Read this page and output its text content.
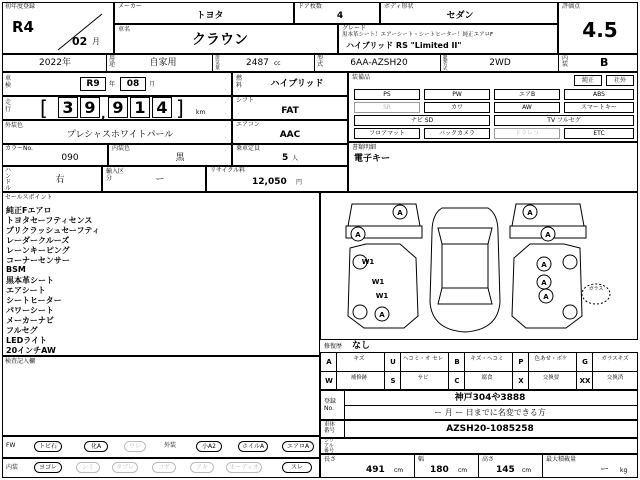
初年度登録
R4
02 月
メーカー
トヨタ
ドア枚数
4
ボディ形状
セダン
評価点
4.5
車名
クラウン
グレード
黒本革シート！エアーシート・シートヒーター！純正エアロF
ハイブリッド RS "Limited II"
2022年	用途	自家用	排気量	2487 cc
型式	6AA-AZSH20
駆動方式
2WD	内装	B
車検	R9	年	08	月
燃料	ハイブリッド
走行 [ 3 9 , 9 1 4 ] km
シフト
FAT
外装色
プレシャスホワイトパール
エアコン
AAC
カラーNo.
090
内装色
黒
乗車定員
5 人
ハンドル
右
輸入区分	ー
リサイクル料
12,050 円
装備品	純正	社外
PS	PW	エアB	ABS
SR	カワ	AW	スマートキー
ナビ SD	TV フルセグ
フロアマット	バックカメラ	ドラレコ	ETC
書類明細
電子キー
セールスポイント
純正Fエアロ
トヨタセーフティセンス
プリクラッシュセーフティ
レーダークルーズ
レーンキーピング
コーナーセンサー
BSM
黒本革シート
エアシート
シートヒーター
パワーシート
メーカーナビ
フルセグ
LEDライト
20インチAW
検査記入欄
A
A
A
A
A
A
A
A
W1
W1
W1
ガラス
修復歴 なし
A	キズ	U	ヘコミ・オ セレ	B	キズ・ヘコミ	P	色あせ・ボケ	G	ガラスキズ
W	補修跡	S	サビ	C	腐食	X	交換要	XX	交換済
登録No.
神戸304や3888
ー 月 ー 日までに名変できる方
車体番号	AZSH20-1085258
シリアル番号
FW	トビ石	化A	ワレ	外装	小A2	ホイルA	エアロA
内装	ヨゴレ	シミ	タブレ	コゲ	アキ	オーディオ	スレ
長さ
491 cm
幅
180 cm
高さ
145 cm
最大積載量
ー kg
